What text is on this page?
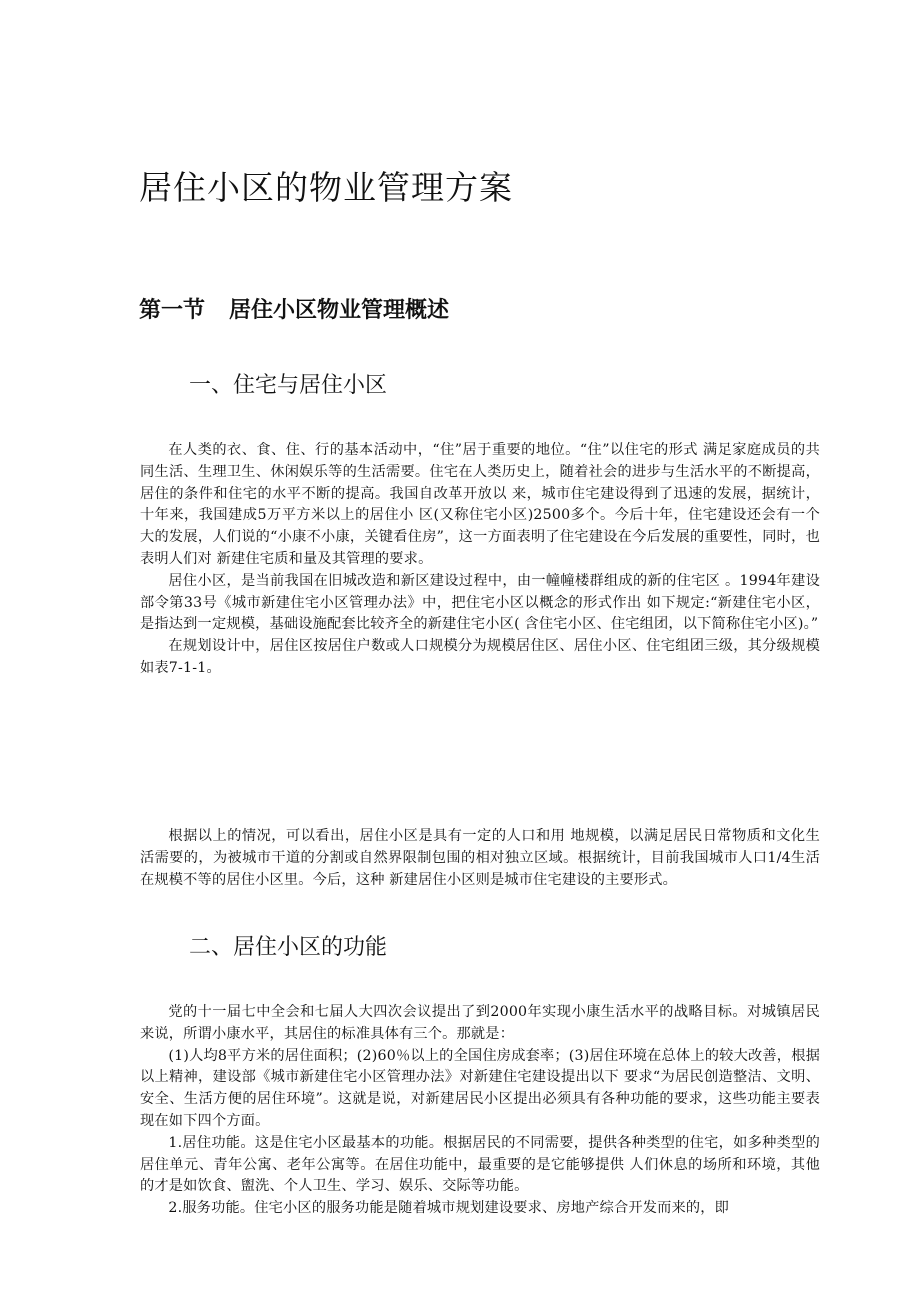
居住小区的物业管理方案
第一节 居住小区物业管理概述
一、住宅与居住小区

在人类的衣、食、住、行的基本活动中，“住”居于重要的地位。“住”以住宅的形式 满足家庭成员的共同生活、生理卫生、休闲娱乐等的生活需要。住宅在人类历史上，随着社会的进步与生活水平的不断提高，居住的条件和住宅的水平不断的提高。我国自改革开放以 来，城市住宅建设得到了迅速的发展，据统计，十年来，我国建成5万平方米以上的居住小 区(又称住宅小区)2500多个。今后十年，住宅建设还会有一个大的发展，人们说的“小康不小康，关键看住房”，这一方面表明了住宅建设在今后发展的重要性，同时，也表明人们对 新建住宅质和量及其管理的要求。

居住小区，是当前我国在旧城改造和新区建设过程中，由一幢幢楼群组成的新的住宅区 。1994年建设部令第33号《城市新建住宅小区管理办法》中，把住宅小区以概念的形式作出 如下规定:“新建住宅小区，是指达到一定规模，基础设施配套比较齐全的新建住宅小区( 含住宅小区、住宅组团，以下简称住宅小区)。”

在规划设计中，居住区按居住户数或人口规模分为规模居住区、居住小区、住宅组团三级，其分级规模如表7-1-1。

根据以上的情况，可以看出，居住小区是具有一定的人口和用 地规模，以满足居民日常物质和文化生活需要的，为被城市干道的分割或自然界限制包围的相对独立区域。根据统计，目前我国城市人口1/4生活在规模不等的居住小区里。今后，这种 新建居住小区则是城市住宅建设的主要形式。

二、居住小区的功能

党的十一届七中全会和七届人大四次会议提出了到2000年实现小康生活水平的战略目标。对城镇居民来说，所谓小康水平，其居住的标准具体有三个。那就是：

(1)人均8平方米的居住面积；(2)60％以上的全国住房成套率；(3)居住环境在总体上的较大改善，根据以上精神，建设部《城市新建住宅小区管理办法》对新建住宅建设提出以下 要求“为居民创造整洁、文明、安全、生活方便的居住环境”。这就是说，对新建居民小区提出必须具有各种功能的要求，这些功能主要表现在如下四个方面。

1.居住功能。这是住宅小区最基本的功能。根据居民的不同需要，提供各种类型的住宅，如多种类型的居住单元、青年公寓、老年公寓等。在居住功能中，最重要的是它能够提供 人们休息的场所和环境，其他的才是如饮食、盥洗、个人卫生、学习、娱乐、交际等功能。

2.服务功能。住宅小区的服务功能是随着城市规划建设要求、房地产综合开发而来的，即
